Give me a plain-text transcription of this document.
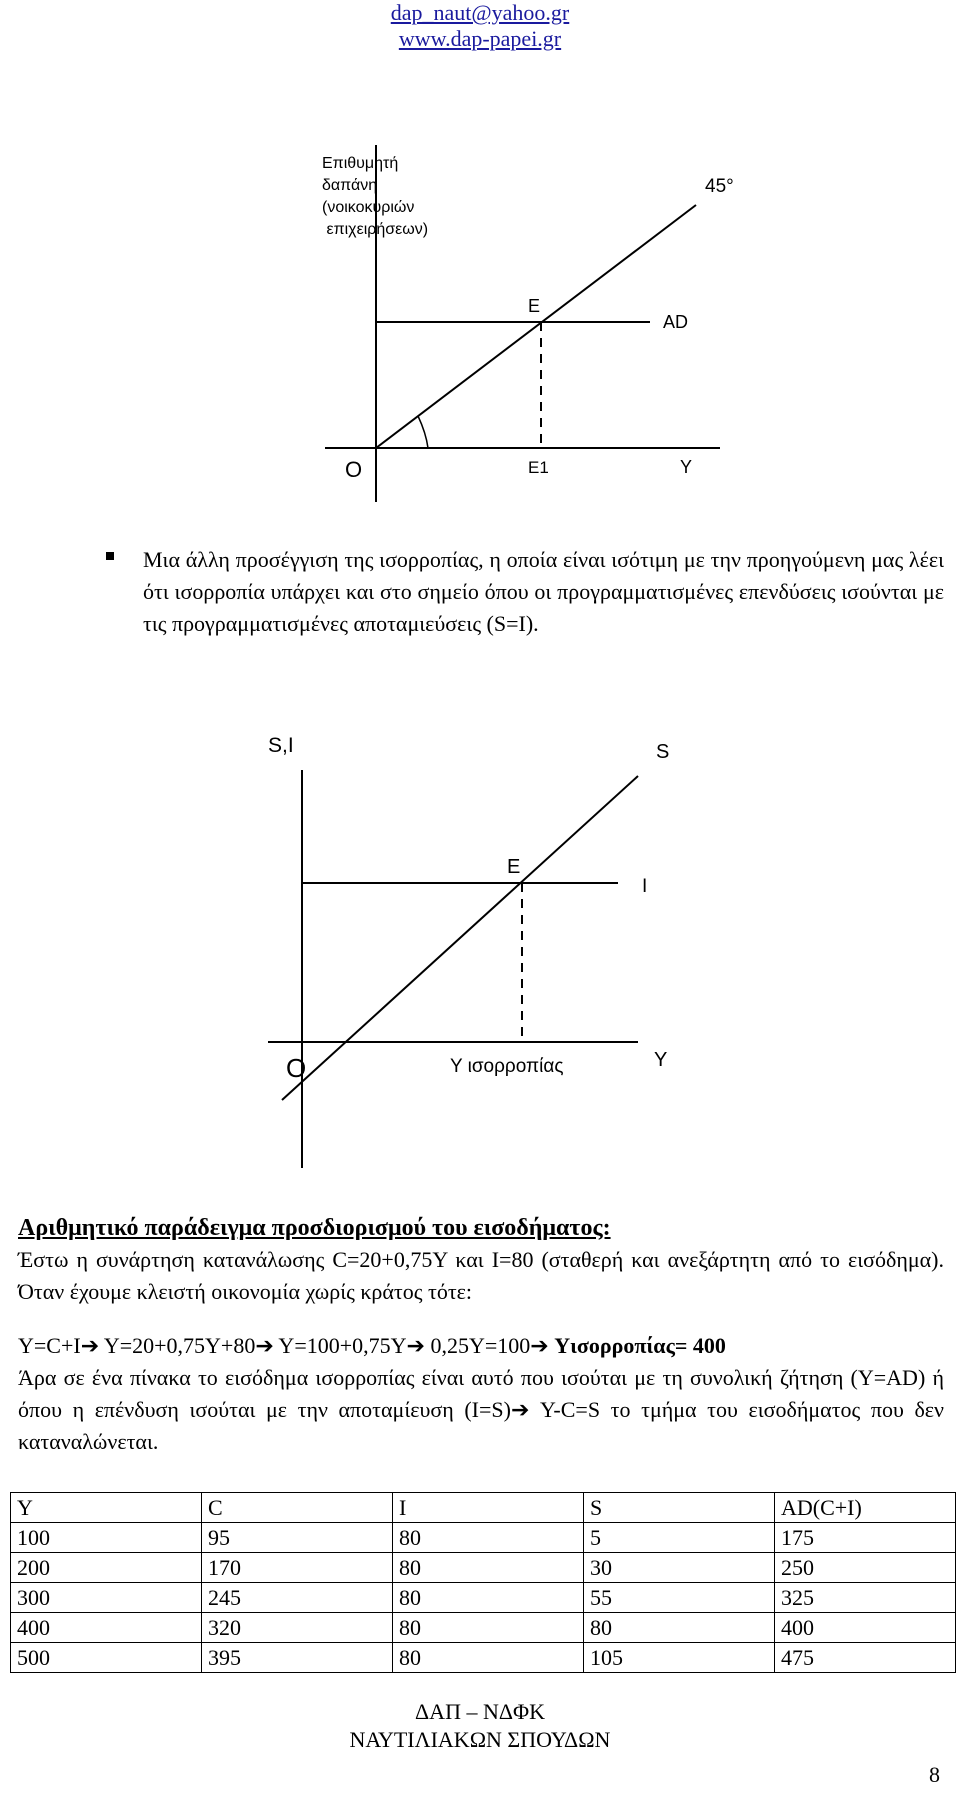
dap_naut@yahoo.gr
www.dap-papei.gr
Επιθυμητή
δαπάνη
(νοικοκυριών
επιχειρήσεων)
45°
E
AD
O	E1	Y

Μια άλλη προσέγγιση της ισορροπίας, η οποία είναι ισότιμη με την προηγούμενη μας λέει ότι ισορροπία υπάρχει και στο σημείο όπου οι προγραμματισμένες επενδύσεις ισούνται με τις προγραμματισμένες αποταμιεύσεις (S=I).

S,I	S
E
I
O	Y ισορροπίας	Y

Αριθμητικό παράδειγμα προσδιορισμού του εισοδήματος:

Έστω η συνάρτηση κατανάλωσης C=20+0,75Y και I=80 (σταθερή και ανεξάρτητη από το εισόδημα). Όταν έχουμε κλειστή οικονομία χωρίς κράτος τότε:

Y=C+I➔ Y=20+0,75Y+80➔ Y=100+0,75Y➔ 0,25Y=100➔ Yισορροπίας= 400

Άρα σε ένα πίνακα το εισόδημα ισορροπίας είναι αυτό που ισούται με τη συνολική ζήτηση (Y=AD) ή όπου η επένδυση ισούται με την αποταμίευση (I=S)➔ Y-C=S το τμήμα του εισοδήματος που δεν καταναλώνεται.

Y	C	I	S	AD(C+I)
100	95	80	5	175
200	170	80	30	250
300	245	80	55	325
400	320	80	80	400
500	395	80	105	475
ΔΑΠ – ΝΔΦΚ
ΝΑΥΤΙΛΙΑΚΩΝ ΣΠΟΥΔΩΝ
8
